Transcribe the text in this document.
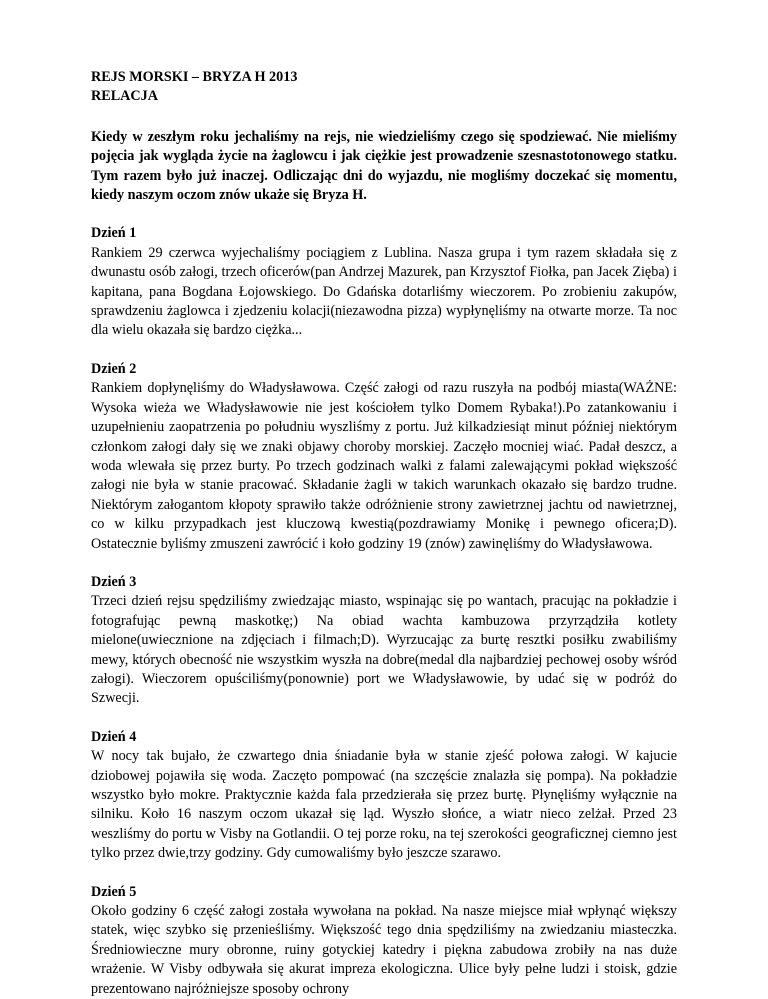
REJS MORSKI – BRYZA H 2013
RELACJA

Kiedy w zeszłym roku jechaliśmy na rejs, nie wiedzieliśmy czego się spodziewać. Nie mieliśmy pojęcia jak wygląda życie na żaglowcu i jak ciężkie jest prowadzenie szesnastotonowego statku. Tym razem było już inaczej. Odliczając dni do wyjazdu, nie mogliśmy doczekać się momentu, kiedy naszym oczom znów ukaże się Bryza H.

Dzień 1

Rankiem 29 czerwca wyjechaliśmy pociągiem z Lublina. Nasza grupa i tym razem składała się z dwunastu osób załogi, trzech oficerów(pan Andrzej Mazurek, pan Krzysztof Fiołka, pan Jacek Zięba) i kapitana, pana Bogdana Łojowskiego. Do Gdańska dotarliśmy wieczorem. Po zrobieniu zakupów, sprawdzeniu żaglowca i zjedzeniu kolacji(niezawodna pizza) wypłynęliśmy na otwarte morze. Ta noc dla wielu okazała się bardzo ciężka...

Dzień 2

Rankiem dopłynęliśmy do Władysławowa. Część załogi od razu ruszyła na podbój miasta(WAŻNE: Wysoka wieża we Władysławowie nie jest kościołem tylko Domem Rybaka!).Po zatankowaniu i uzupełnieniu zaopatrzenia po południu wyszliśmy z portu. Już kilkadziesiąt minut później niektórym członkom załogi dały się we znaki objawy choroby morskiej. Zaczęło mocniej wiać. Padał deszcz, a woda wlewała się przez burty. Po trzech godzinach walki z falami zalewającymi pokład większość załogi nie była w stanie pracować. Składanie żagli w takich warunkach okazało się bardzo trudne. Niektórym załogantom kłopoty sprawiło także odróżnienie strony zawietrznej jachtu od nawietrznej, co w kilku przypadkach jest kluczową kwestią(pozdrawiamy Monikę i pewnego oficera;D). Ostatecznie byliśmy zmuszeni zawrócić i koło godziny 19 (znów) zawinęliśmy do Władysławowa.

Dzień 3

Trzeci dzień rejsu spędziliśmy zwiedzając miasto, wspinając się po wantach, pracując na pokładzie i fotografując pewną maskotkę;) Na obiad wachta kambuzowa przyrządziła kotlety mielone(uwiecznione na zdjęciach i filmach;D). Wyrzucając za burtę resztki posiłku zwabiliśmy mewy, których obecność nie wszystkim wyszła na dobre(medal dla najbardziej pechowej osoby wśród załogi). Wieczorem opuściliśmy(ponownie) port we Władysławowie, by udać się w podróż do Szwecji.

Dzień 4

W nocy tak bujało, że czwartego dnia śniadanie była w stanie zjeść połowa załogi. W kajucie dziobowej pojawiła się woda. Zaczęto pompować (na szczęście znalazła się pompa). Na pokładzie wszystko było mokre. Praktycznie każda fala przedzierała się przez burtę. Płynęliśmy wyłącznie na silniku. Koło 16 naszym oczom ukazał się ląd. Wyszło słońce, a wiatr nieco zelżał. Przed 23 weszliśmy do portu w Visby na Gotlandii. O tej porze roku, na tej szerokości geograficznej ciemno jest tylko przez dwie,trzy godziny. Gdy cumowaliśmy było jeszcze szarawo.

Dzień 5

Około godziny 6 część załogi została wywołana na pokład. Na nasze miejsce miał wpłynąć większy statek, więc szybko się przenieśliśmy. Większość tego dnia spędziliśmy na zwiedzaniu miasteczka. Średniowieczne mury obronne, ruiny gotyckiej katedry i piękna zabudowa zrobiły na nas duże wrażenie. W Visby odbywała się akurat impreza ekologiczna. Ulice były pełne ludzi i stoisk, gdzie prezentowano najróżniejsze sposoby ochrony
